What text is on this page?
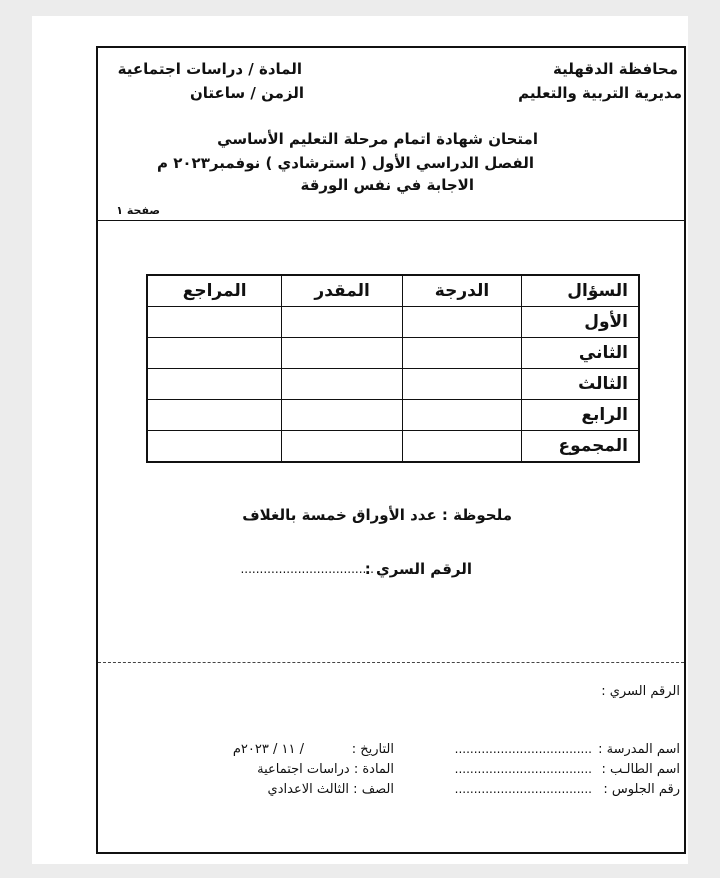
محافظة الدقهلية
مديرية التربية والتعليم
المادة / دراسات اجتماعية
الزمن / ساعتان
امتحان شهادة اتمام مرحلة التعليم الأساسي
الفصل الدراسي الأول ( استرشادي ) نوفمبر٢٠٢٣ م
الاجابة في نفس الورقة
صفحة ١
السؤال	الدرجة	المقدر	المراجع
الأول			
الثاني			
الثالث			
الرابع			
المجموع			
ملحوظة : عدد الأوراق خمسة بالغلاف
الرقم السري :
...................................
الرقم السري :
اسم المدرسة :
....................................
اسم الطالـب :
....................................
رقم الجلوس :
....................................
التاريخ :
/ ١١ / ٢٠٢٣م
المادة : دراسات اجتماعية
الصف : الثالث الاعدادي
